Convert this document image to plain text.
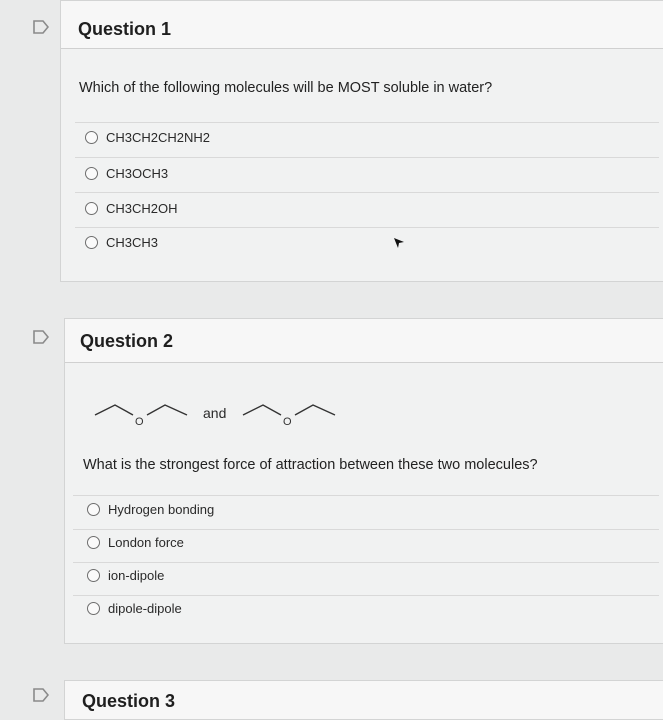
Question 1
Which of the following molecules will be MOST soluble in water?
CH3CH2CH2NH2
CH3OCH3
CH3CH2OH
CH3CH3
Question 2
O
and
O
What is the strongest force of attraction between these two molecules?
Hydrogen bonding
London force
ion-dipole
dipole-dipole
Question 3
